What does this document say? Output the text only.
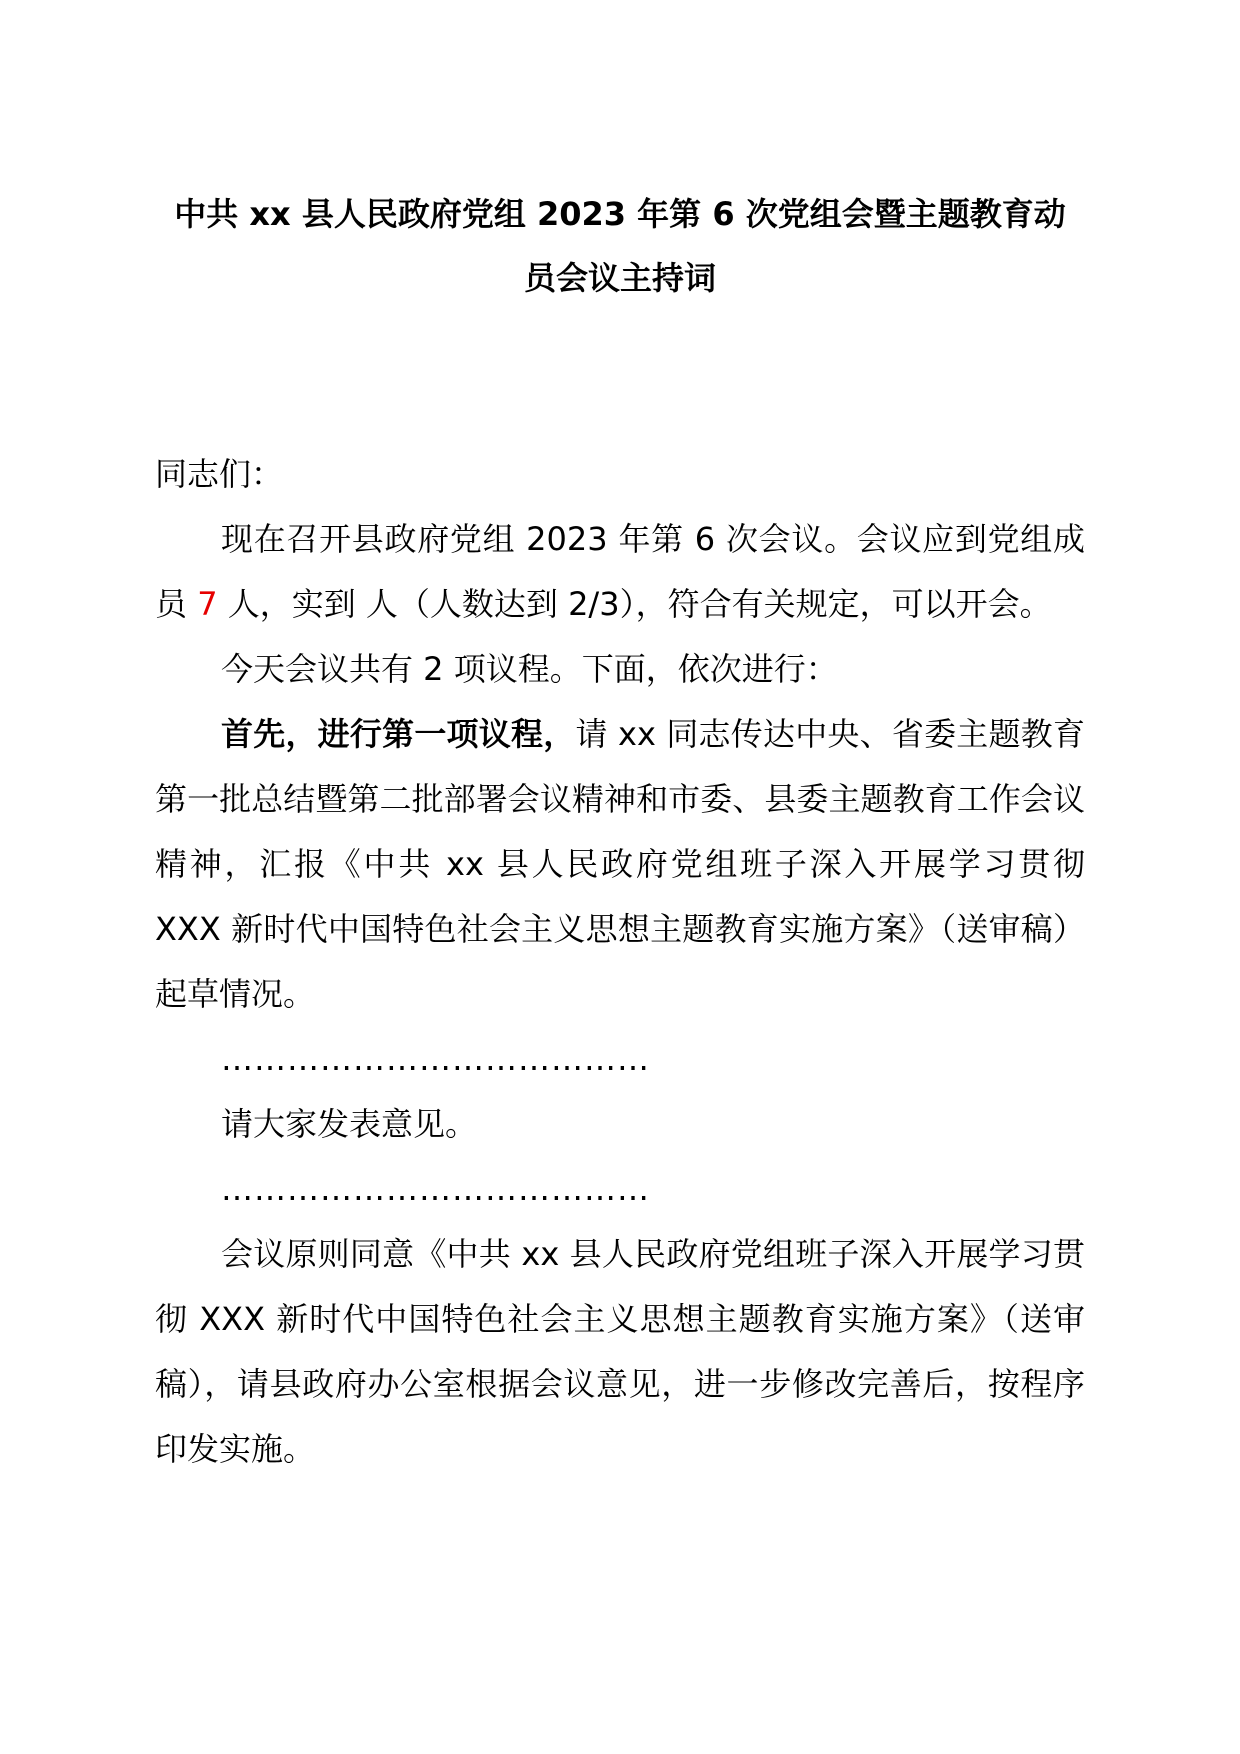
中共 xx 县人民政府党组 2023 年第 6 次党组会暨主题教育动
员会议主持词

同志们：

现在召开县政府党组 2023 年第 6 次会议。会议应到党组成员 7 人，实到 人（人数达到 2/3），符合有关规定，可以开会。

今天会议共有 2 项议程。下面，依次进行：

首先，进行第一项议程，请 xx 同志传达中央、省委主题教育第一批总结暨第二批部署会议精神和市委、县委主题教育工作会议精神，汇报《中共 xx 县人民政府党组班子深入开展学习贯彻 XXX 新时代中国特色社会主义思想主题教育实施方案》（送审稿）起草情况。

…………………………………

请大家发表意见。

…………………………………

会议原则同意《中共 xx 县人民政府党组班子深入开展学习贯彻 XXX 新时代中国特色社会主义思想主题教育实施方案》（送审稿），请县政府办公室根据会议意见，进一步修改完善后，按程序印发实施。
